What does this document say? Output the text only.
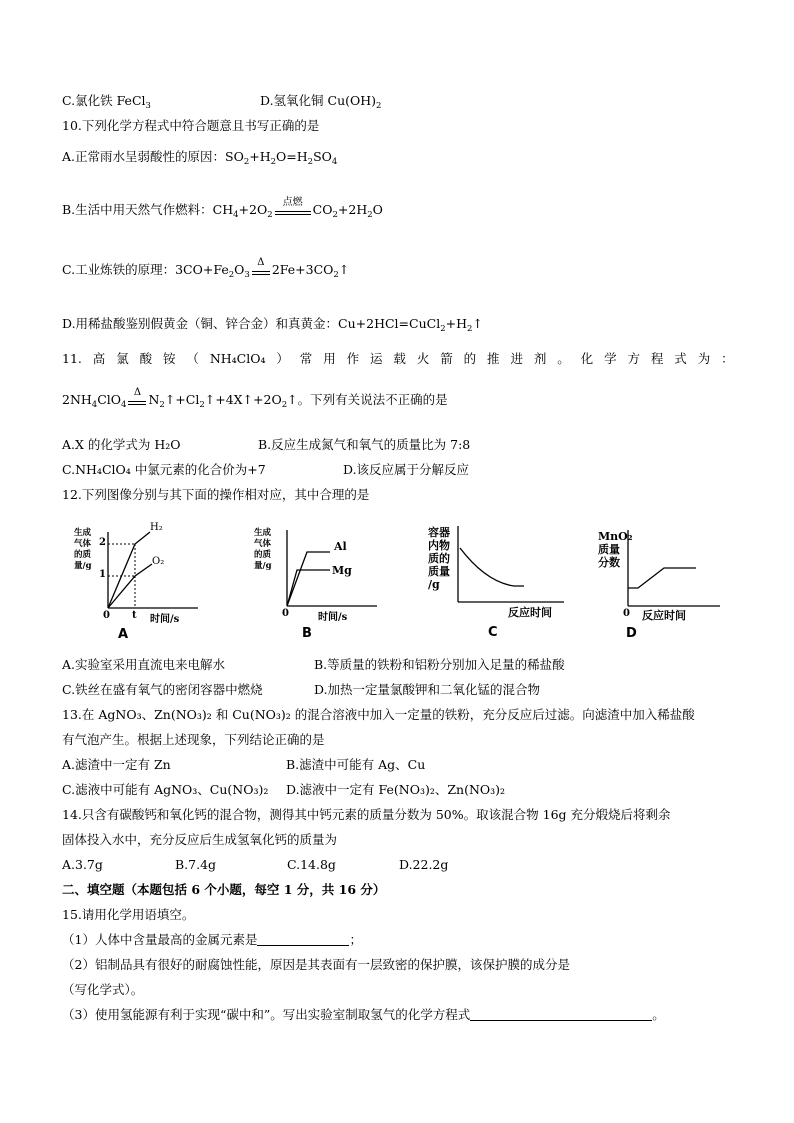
C.氯化铁 FeCl$_3$	D.氢氧化铜 $Cu(OH)_2$
10.下列化学方程式中符合题意且书写正确的是
A.正常雨水呈弱酸性的原因：$SO_2+H_2O=H_2SO_4$
B.生活中用天然气作燃料：$CH_4+2O_2$
点燃 $CO_2+2H_2O$
C.工业炼铁的原理：$3CO+Fe_2O_3$
Δ $2Fe+3CO_2↑$
D.用稀盐酸鉴别假黄金（铜、锌合金）和真黄金：$Cu+2HCl=CuCl_2+H_2↑$
11. 高 氯 酸 铵 （ NH₄ClO₄ ） 常 用 作 运 载 火 箭 的 推 进 剂 。 化 学 方 程 式 为 ：
$2NH_4ClO_4$
Δ $N_2↑+Cl_2↑+4X↑+2O_2↑$。下列有关说法不正确的是
A.X 的化学式为 H₂O	B.反应生成氮气和氧气的质量比为 7:8
C.NH₄ClO₄ 中氯元素的化合价为+7	D.该反应属于分解反应
12.下列图像分别与其下面的操作相对应，其中合理的是
生成
气体
的质
量/g
2
1
H₂
O₂
0 t 时间/s
A
生成
气体
的质
量/g
Al
Mg
0	时间/s
B
容器
内物
质的
质量
/g
反应时间
C
MnO₂
质量
分数
0 反应时间
D
A.实验室采用直流电来电解水	B.等质量的铁粉和铝粉分别加入足量的稀盐酸
C.铁丝在盛有氧气的密闭容器中燃烧	D.加热一定量氯酸钾和二氧化锰的混合物
13.在 AgNO₃、Zn(NO₃)₂ 和 Cu(NO₃)₂ 的混合溶液中加入一定量的铁粉，充分反应后过滤。向滤渣中加入稀盐酸
有气泡产生。根据上述现象，下列结论正确的是
A.滤渣中一定有 Zn	B.滤渣中可能有 Ag、Cu
C.滤液中可能有 AgNO₃、Cu(NO₃)₂ D.滤液中一定有 Fe(NO₃)₂、Zn(NO₃)₂
14.只含有碳酸钙和氧化钙的混合物，测得其中钙元素的质量分数为 50%。取该混合物 16g 充分煅烧后将剩余
固体投入水中，充分反应后生成氢氧化钙的质量为
A.3.7g	B.7.4g	C.14.8g	D.22.2g
二、填空题（本题包括 6 个小题，每空 1 分，共 16 分）
15.请用化学用语填空。
（1）人体中含量最高的金属元素是	；
（2）铝制品具有很好的耐腐蚀性能，原因是其表面有一层致密的保护膜，该保护膜的成分是
（写化学式）。
（3）使用氢能源有利于实现“碳中和”。写出实验室制取氢气的化学方程式	。
